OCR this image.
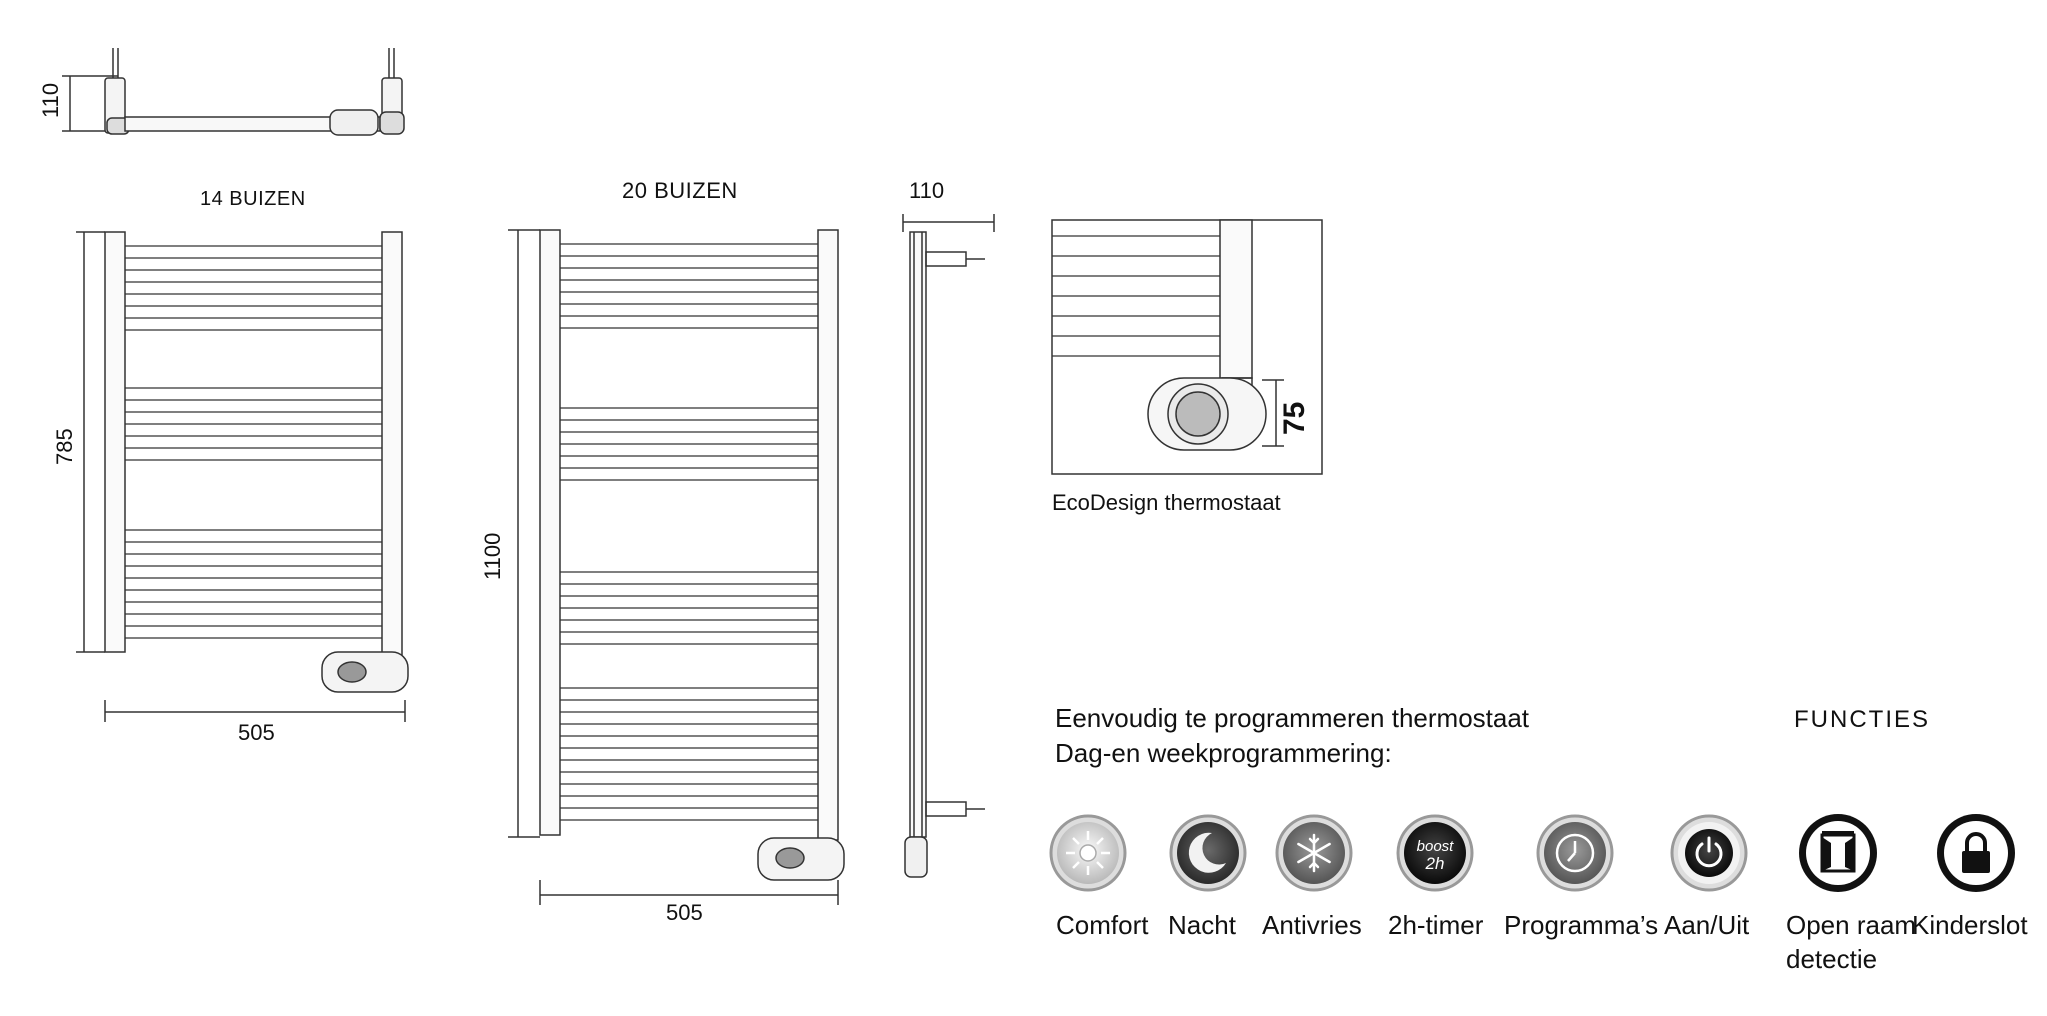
boost
2h
110
14 BUIZEN
785
505
20 BUIZEN
1100
505
110
75
EcoDesign thermostaat
Eenvoudig te programmeren thermostaat
Dag-en weekprogrammering:
FUNCTIES
Comfort Nacht Antivries 2h-timer Programma’s Aan/Uit Open raam
detectie
Kinderslot
